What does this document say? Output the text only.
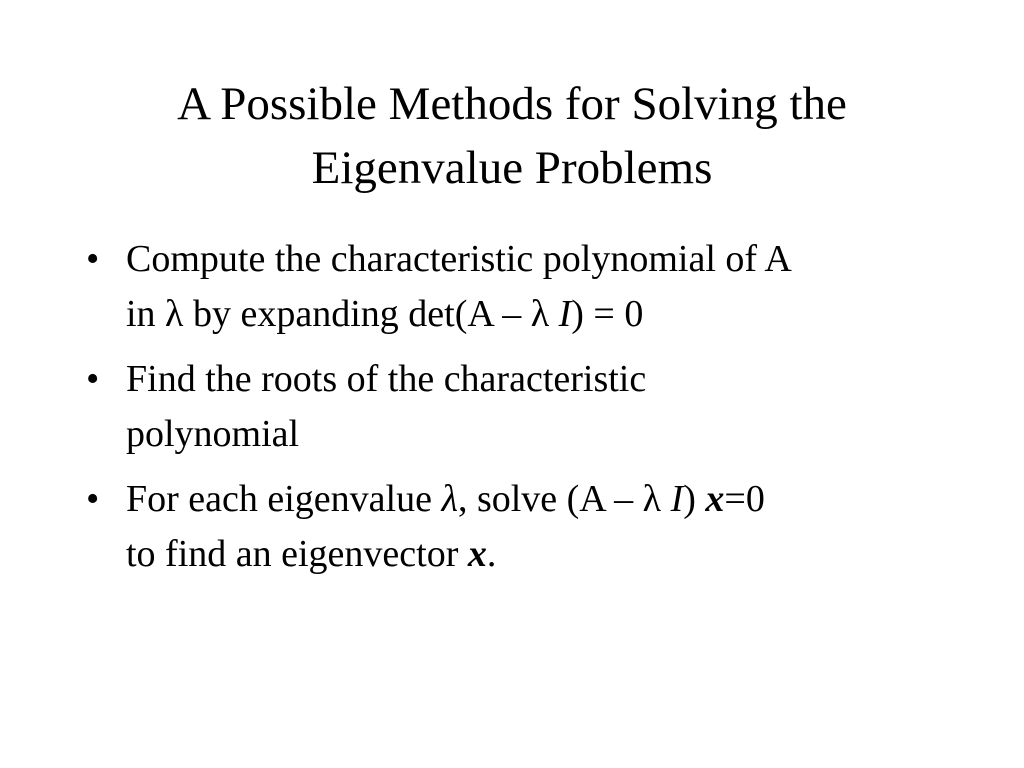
A Possible Methods for Solving the
Eigenvalue Problems
• Compute the characteristic polynomial of A
in λ by expanding det(A – λ I) = 0
• Find the roots of the characteristic
polynomial
• For each eigenvalue λ, solve (A – λ I) x=0
to find an eigenvector x.
